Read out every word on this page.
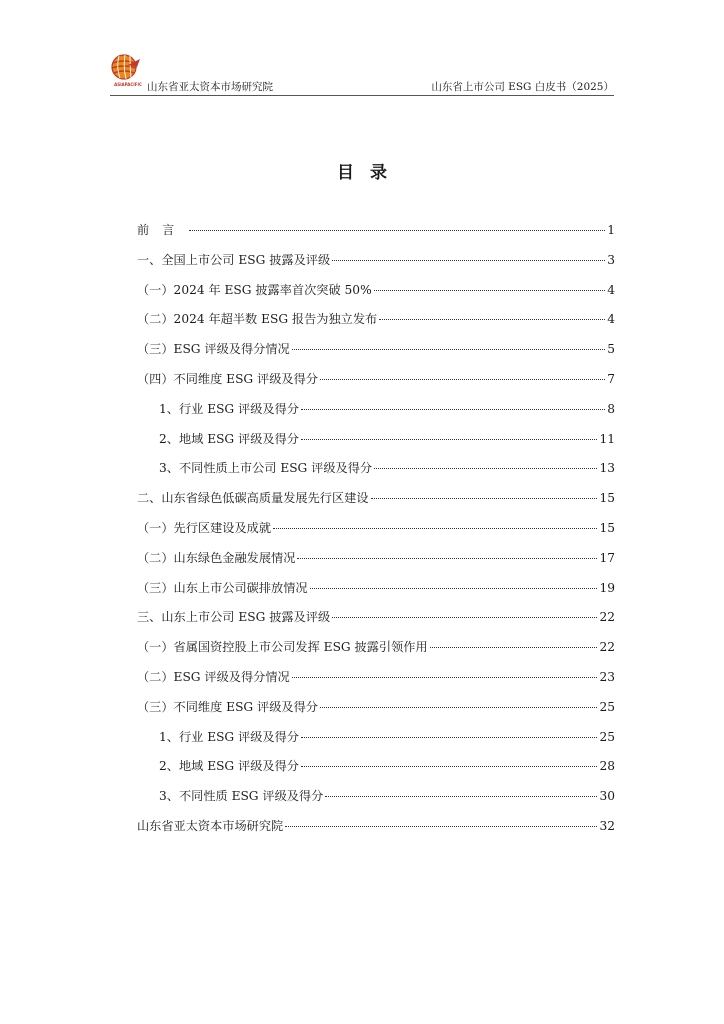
ASIAPACIFIC 山东省亚太资本市场研究院	山东省上市公司 ESG 白皮书（2025）
目录
前言	1
一、全国上市公司 ESG 披露及评级	3
（一）2024 年 ESG 披露率首次突破 50%	4
（二）2024 年超半数 ESG 报告为独立发布	4
（三）ESG 评级及得分情况	5
（四）不同维度 ESG 评级及得分	7
1、行业 ESG 评级及得分	8
2、地域 ESG 评级及得分	11
3、不同性质上市公司 ESG 评级及得分	13
二、山东省绿色低碳高质量发展先行区建设	15
（一）先行区建设及成就	15
（二）山东绿色金融发展情况	17
（三）山东上市公司碳排放情况	19
三、山东上市公司 ESG 披露及评级	22
（一）省属国资控股上市公司发挥 ESG 披露引领作用	22
（二）ESG 评级及得分情况	23
（三）不同维度 ESG 评级及得分	25
1、行业 ESG 评级及得分	25
2、地域 ESG 评级及得分	28
3、不同性质 ESG 评级及得分	30
山东省亚太资本市场研究院	32
